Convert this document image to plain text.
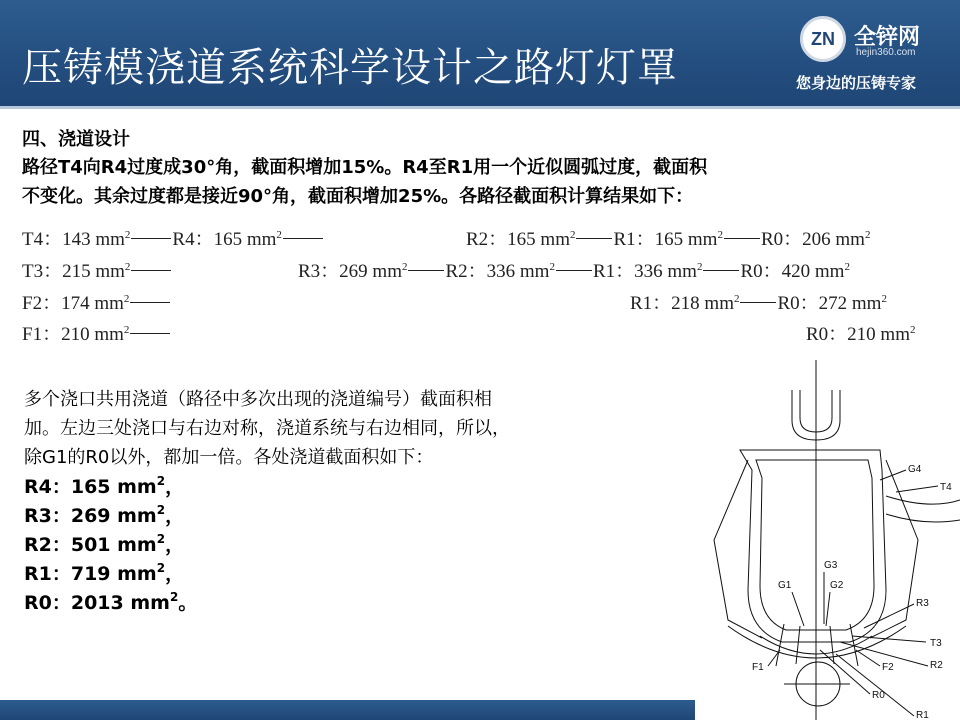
压铸模浇道系统科学设计之路灯灯罩
ZN 全锌网
hejin360.com
您身边的压铸专家
四、浇道设计
路径T4向R4过度成30°角，截面积增加15%。R4至R1用一个近似圆弧过度，截面积
不变化。其余过度都是接近90°角，截面积增加25%。各路径截面积计算结果如下：
T4：143 $mm^2$ R4：165 $mm^2$	R2：165 $mm^2$ R1：165 $mm^2$ R0：206 $mm^2$
T3：215 $mm^2$	R3：269 $mm^2$ R2：336 $mm^2$ R1：336 $mm^2$ R0：420 $mm^2$
F2：174 $mm^2$	R1：218 $mm^2$ R0：272 $mm^2$
F1：210 $mm^2$	R0：210 $mm^2$
多个浇口共用浇道（路径中多次出现的浇道编号）截面积相
加。左边三处浇口与右边对称，浇道系统与右边相同，所以，
除G1的R0以外，都加一倍。各处浇道截面积如下：
R4：165 $mm^2$，
R3：269 $mm^2$，
R2：501 $mm^2$，
R1：719 $mm^2$，
R0：2013 $mm^2$。
G4
T4
G3
G1	G2
R3
T3
R2
F1	F2
R0
R1
